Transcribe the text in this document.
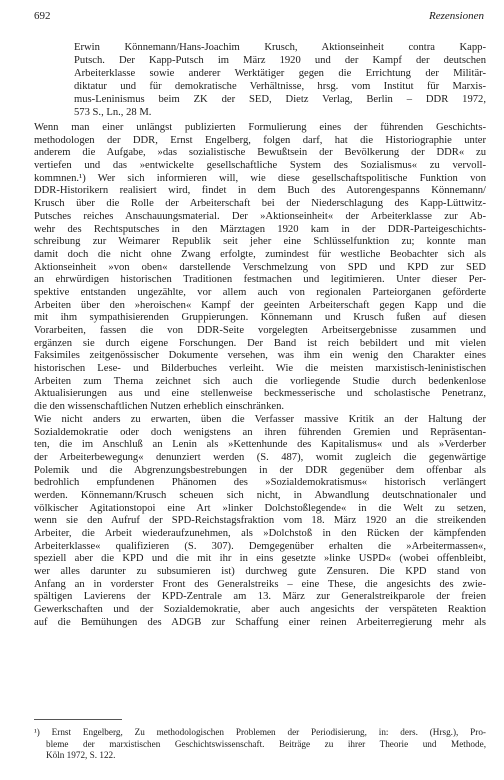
692	Rezensionen
Erwin Könnemann/Hans-Joachim Krusch, Aktionseinheit contra Kapp-
Putsch. Der Kapp-Putsch im März 1920 und der Kampf der deutschen
Arbeiterklasse sowie anderer Werktätiger gegen die Errichtung der Militär-
diktatur und für demokratische Verhältnisse, hrsg. vom Institut für Marxis-
mus-Leninismus beim ZK der SED, Dietz Verlag, Berlin – DDR 1972,
573 S., Ln., 28 M.
Wenn man einer unlängst publizierten Formulierung eines der führenden Geschichts-
methodologen der DDR, Ernst Engelberg, folgen darf, hat die Historiographie unter
anderem die Aufgabe, »das sozialistische Bewußtsein der Bevölkerung der DDR« zu
vertiefen und das »entwickelte gesellschaftliche System des Sozialismus« zu vervoll-
kommnen.¹) Wer sich informieren will, wie diese gesellschaftspolitische Funktion von
DDR-Historikern realisiert wird, findet in dem Buch des Autorengespanns Könnemann/
Krusch über die Rolle der Arbeiterschaft bei der Niederschlagung des Kapp-Lüttwitz-
Putsches reiches Anschauungsmaterial. Der »Aktionseinheit« der Arbeiterklasse zur Ab-
wehr des Rechtsputsches in den Märztagen 1920 kam in der DDR-Parteigeschichts-
schreibung zur Weimarer Republik seit jeher eine Schlüsselfunktion zu; konnte man
damit doch die nicht ohne Zwang erfolgte, zumindest für westliche Beobachter sich als
Aktionseinheit »von oben« darstellende Verschmelzung von SPD und KPD zur SED
an ehrwürdigen historischen Traditionen festmachen und legitimieren. Unter dieser Per-
spektive entstanden ungezählte, vor allem auch von regionalen Parteiorganen geförderte
Arbeiten über den »heroischen« Kampf der geeinten Arbeiterschaft gegen Kapp und die
mit ihm sympathisierenden Gruppierungen. Könnemann und Krusch fußen auf diesen
Vorarbeiten, fassen die von DDR-Seite vorgelegten Arbeitsergebnisse zusammen und
ergänzen sie durch eigene Forschungen. Der Band ist reich bebildert und mit vielen
Faksimiles zeitgenössischer Dokumente versehen, was ihm ein wenig den Charakter eines
historischen Lese- und Bilderbuches verleiht. Wie die meisten marxistisch-leninistischen
Arbeiten zum Thema zeichnet sich auch die vorliegende Studie durch bedenkenlose
Aktualisierungen aus und eine stellenweise beckmesserische und scholastische Penetranz,
die den wissenschaftlichen Nutzen erheblich einschränken.
Wie nicht anders zu erwarten, üben die Verfasser massive Kritik an der Haltung der
Sozialdemokratie oder doch wenigstens an ihren führenden Gremien und Repräsentan-
ten, die im Anschluß an Lenin als »Kettenhunde des Kapitalismus« und als »Verderber
der Arbeiterbewegung« denunziert werden (S. 487), womit zugleich die gegenwärtige
Polemik und die Abgrenzungsbestrebungen in der DDR gegenüber dem offenbar als
bedrohlich empfundenen Phänomen des »Sozialdemokratismus« historisch verlängert
werden. Könnemann/Krusch scheuen sich nicht, in Abwandlung deutschnationaler und
völkischer Agitationstopoi eine Art »linker Dolchstoßlegende« in die Welt zu setzen,
wenn sie den Aufruf der SPD-Reichstagsfraktion vom 18. März 1920 an die streikenden
Arbeiter, die Arbeit wiederaufzunehmen, als »Dolchstoß in den Rücken der kämpfenden
Arbeiterklasse« qualifizieren (S. 307). Demgegenüber erhalten die »Arbeitermassen«,
speziell aber die KPD und die mit ihr in eins gesetzte »linke USPD« (wobei offenbleibt,
wer alles darunter zu subsumieren ist) durchweg gute Zensuren. Die KPD stand von
Anfang an in vorderster Front des Generalstreiks – eine These, die angesichts des zwie-
spältigen Lavierens der KPD-Zentrale am 13. März zur Generalstreikparole der freien
Gewerkschaften und der Sozialdemokratie, aber auch angesichts der verspäteten Reaktion
auf die Bemühungen des ADGB zur Schaffung einer reinen Arbeiterregierung mehr als
¹) Ernst Engelberg, Zu methodologischen Problemen der Periodisierung, in: ders. (Hrsg.), Pro-
bleme der marxistischen Geschichtswissenschaft. Beiträge zu ihrer Theorie und Methode,
Köln 1972, S. 122.
